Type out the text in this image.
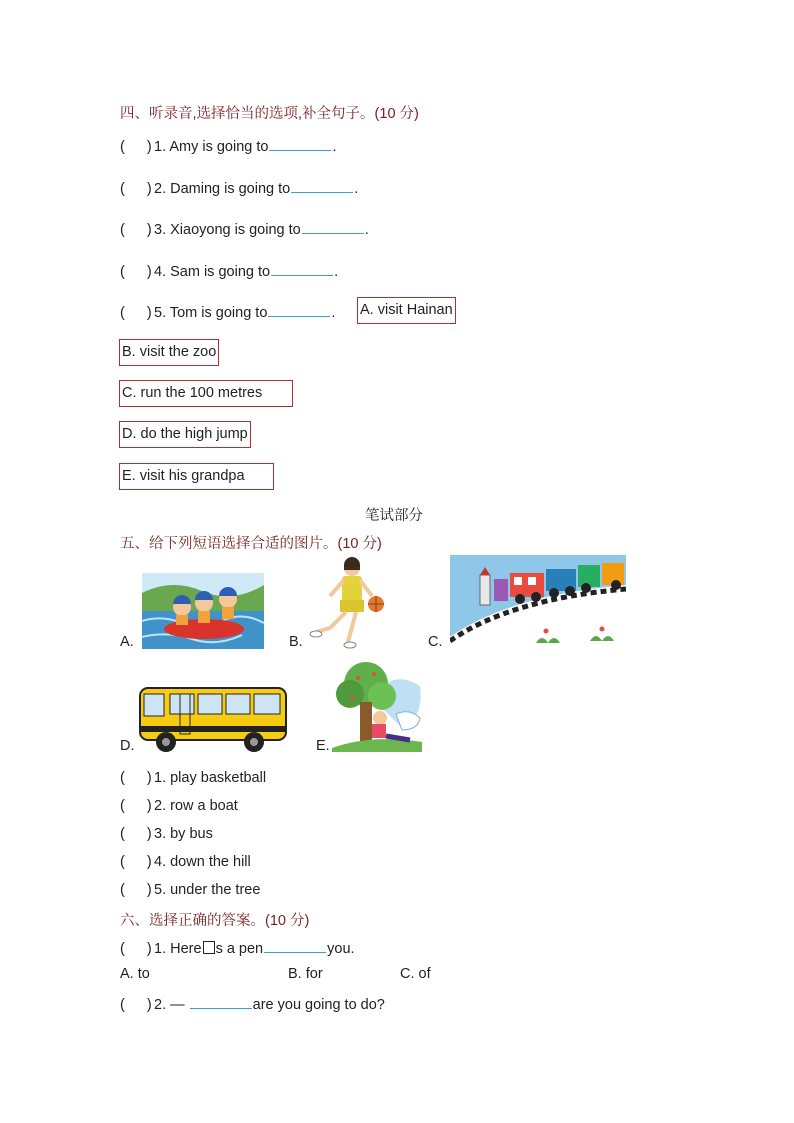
四、听录音,选择恰当的选项,补全句子。(10 分)
( ) 1. Amy is going to	.
( ) 2. Daming is going to	.
( ) 3. Xiaoyong is going to	.
( ) 4. Sam is going to	.
( ) 5. Tom is going to	. A. visit Hainan
B. visit the zoo
C. run the 100 metres
D. do the high jump
E. visit his grandpa
笔试部分
五、给下列短语选择合适的图片。(10 分)
A.	B.	C.
D.	E.
( ) 1. play basketball
( ) 2. row a boat
( ) 3. by bus
( ) 4. down the hill
( ) 5. under the tree
六、选择正确的答案。(10 分)
( ) 1. Here s a pen	you.
A. to	B. for	C. of
( ) 2. —	are you going to do?
